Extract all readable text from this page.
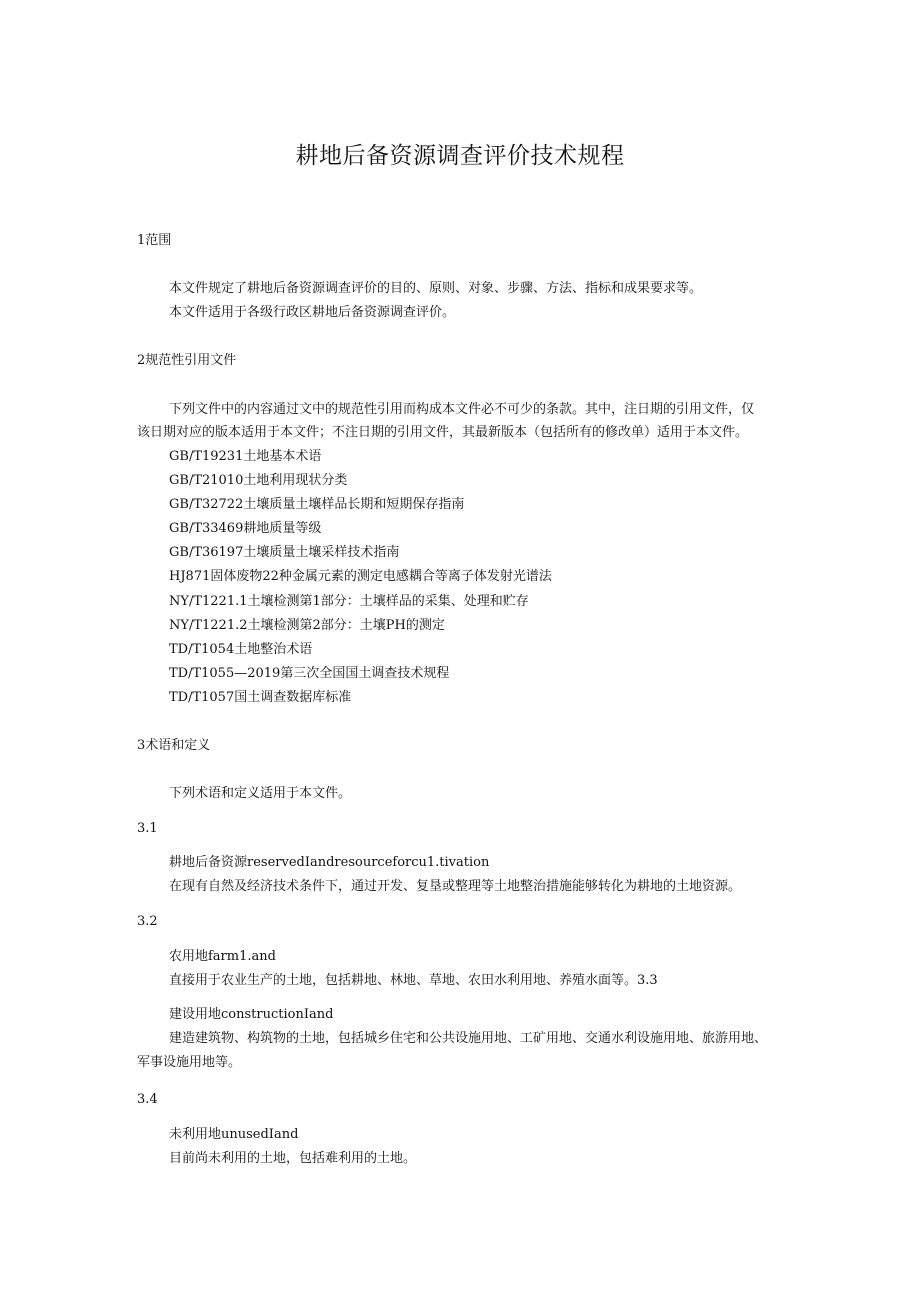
耕地后备资源调查评价技术规程
1范围
本文件规定了耕地后备资源调查评价的目的、原则、对象、步骤、方法、指标和成果要求等。
本文件适用于各级行政区耕地后备资源调查评价。
2规范性引用文件
下列文件中的内容通过文中的规范性引用而构成本文件必不可少的条款。其中，注日期的引用文件，仅
该日期对应的版本适用于本文件；不注日期的引用文件，其最新版本（包括所有的修改单）适用于本文件。
GB/T19231土地基本术语
GB/T21010土地利用现状分类
GB/T32722土壤质量土壤样品长期和短期保存指南
GB/T33469耕地质量等级
GB/T36197土壤质量土壤采样技术指南
HJ871固体废物22种金属元素的测定电感耦合等离子体发射光谱法
NY/T1221.1土壤检测第1部分：土壤样品的采集、处理和贮存
NY/T1221.2土壤检测第2部分：土壤PH的测定
TD/T1054土地整治术语
TD/T1055—2019第三次全国国土调查技术规程
TD/T1057国土调查数据库标准
3术语和定义
下列术语和定义适用于本文件。
3.1
耕地后备资源reservedIandresourceforcu1.tivation
在现有自然及经济技术条件下，通过开发、复垦或整理等土地整治措施能够转化为耕地的土地资源。
3.2
农用地farm1.and
直接用于农业生产的土地，包括耕地、林地、草地、农田水利用地、养殖水面等。3.3
建设用地constructionIand
建造建筑物、构筑物的土地，包括城乡住宅和公共设施用地、工矿用地、交通水利设施用地、旅游用地、
军事设施用地等。
3.4
未利用地unusedIand
目前尚未利用的土地，包括难利用的土地。
